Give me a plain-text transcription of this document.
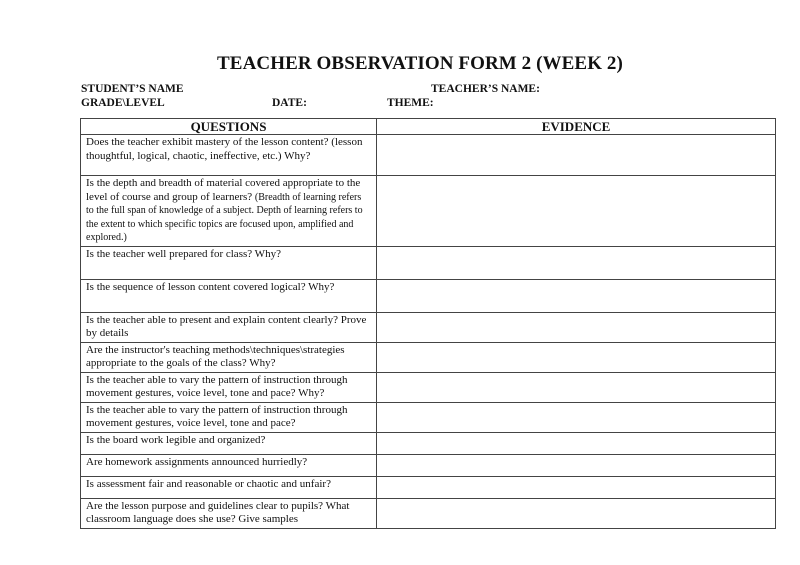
TEACHER OBSERVATION FORM 2 (WEEK 2)
STUDENT’S NAME	TEACHER’S NAME:
GRADE\LEVEL	DATE:	THEME:
QUESTIONS	EVIDENCE
Does the teacher exhibit mastery of the lesson content? (lesson thoughtful, logical, chaotic, ineffective, etc.) Why?	
Is the depth and breadth of material covered appropriate to the level of course and group of learners? (Breadth of learning refers to the full span of knowledge of a subject. Depth of learning refers to the extent to which specific topics are focused upon, amplified and explored.)	
Is the teacher well prepared for class? Why?	
Is the sequence of lesson content covered logical? Why?	
Is the teacher able to present and explain content clearly? Prove by details	
Are the instructor's teaching methods\techniques\strategies appropriate to the goals of the class? Why?	
Is the teacher able to vary the pattern of instruction through movement gestures, voice level, tone and pace? Why?	
Is the teacher able to vary the pattern of instruction through movement gestures, voice level, tone and pace?	
Is the board work legible and organized?	
Are homework assignments announced hurriedly?	
Is assessment fair and reasonable or chaotic and unfair?	
Are the lesson purpose and guidelines clear to pupils? What classroom language does she use? Give samples	
